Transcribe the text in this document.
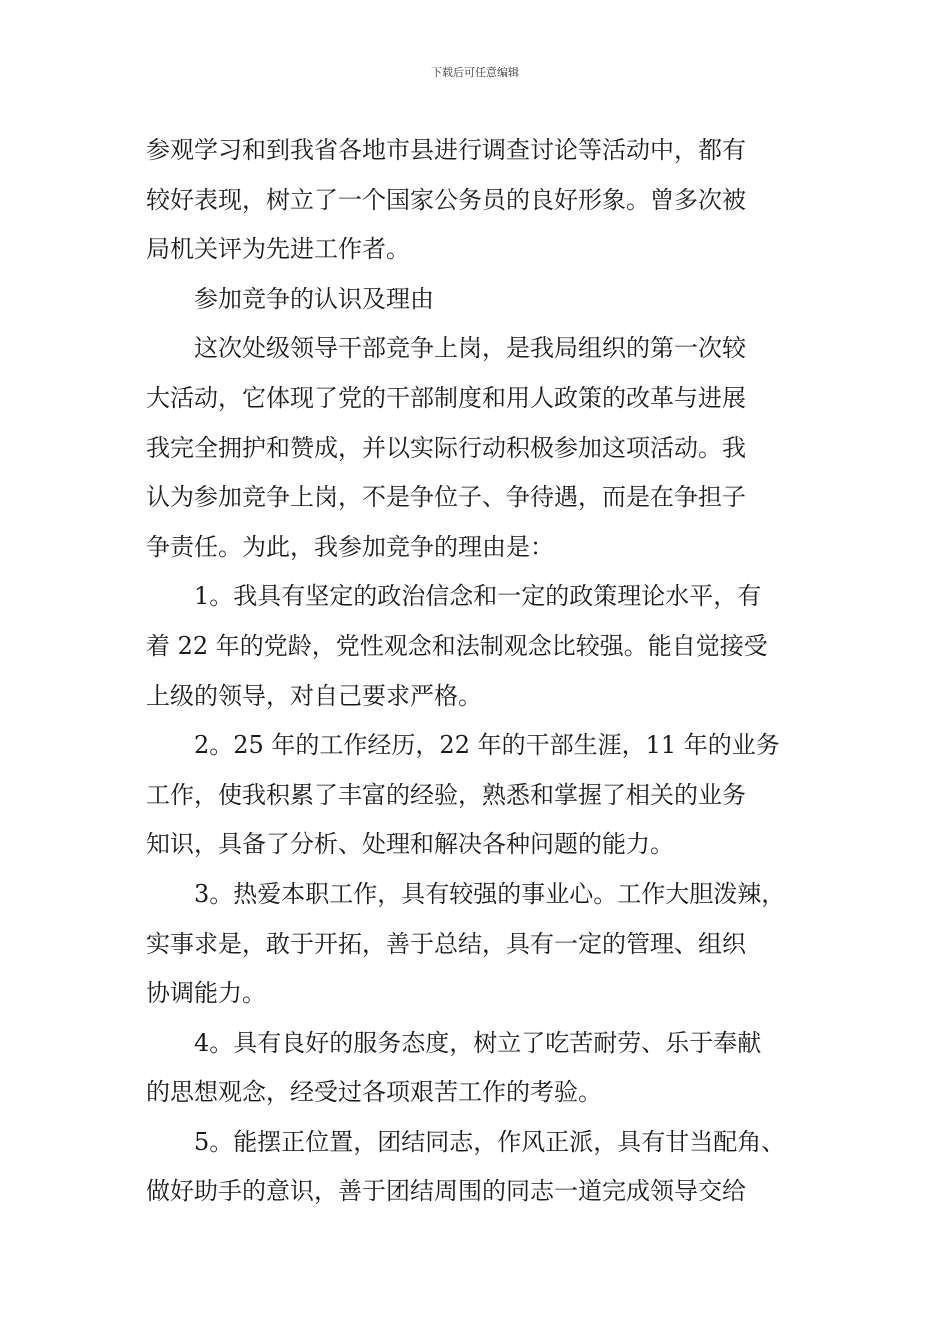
下载后可任意编辑
参观学习和到我省各地市县进行调查讨论等活动中，都有
较好表现，树立了一个国家公务员的良好形象。曾多次被
局机关评为先进工作者。
参加竞争的认识及理由
这次处级领导干部竞争上岗，是我局组织的第一次较
大活动，它体现了党的干部制度和用人政策的改革与进展
我完全拥护和赞成，并以实际行动积极参加这项活动。我
认为参加竞争上岗，不是争位子、争待遇，而是在争担子
争责任。为此，我参加竞争的理由是：
1。我具有坚定的政治信念和一定的政策理论水平，有
着 22 年的党龄，党性观念和法制观念比较强。能自觉接受
上级的领导，对自己要求严格。
2。25 年的工作经历，22 年的干部生涯，11 年的业务
工作，使我积累了丰富的经验，熟悉和掌握了相关的业务
知识，具备了分析、处理和解决各种问题的能力。
3。热爱本职工作，具有较强的事业心。工作大胆泼辣，
实事求是，敢于开拓，善于总结，具有一定的管理、组织
协调能力。
4。具有良好的服务态度，树立了吃苦耐劳、乐于奉献
的思想观念，经受过各项艰苦工作的考验。
5。能摆正位置，团结同志，作风正派，具有甘当配角、
做好助手的意识，善于团结周围的同志一道完成领导交给
